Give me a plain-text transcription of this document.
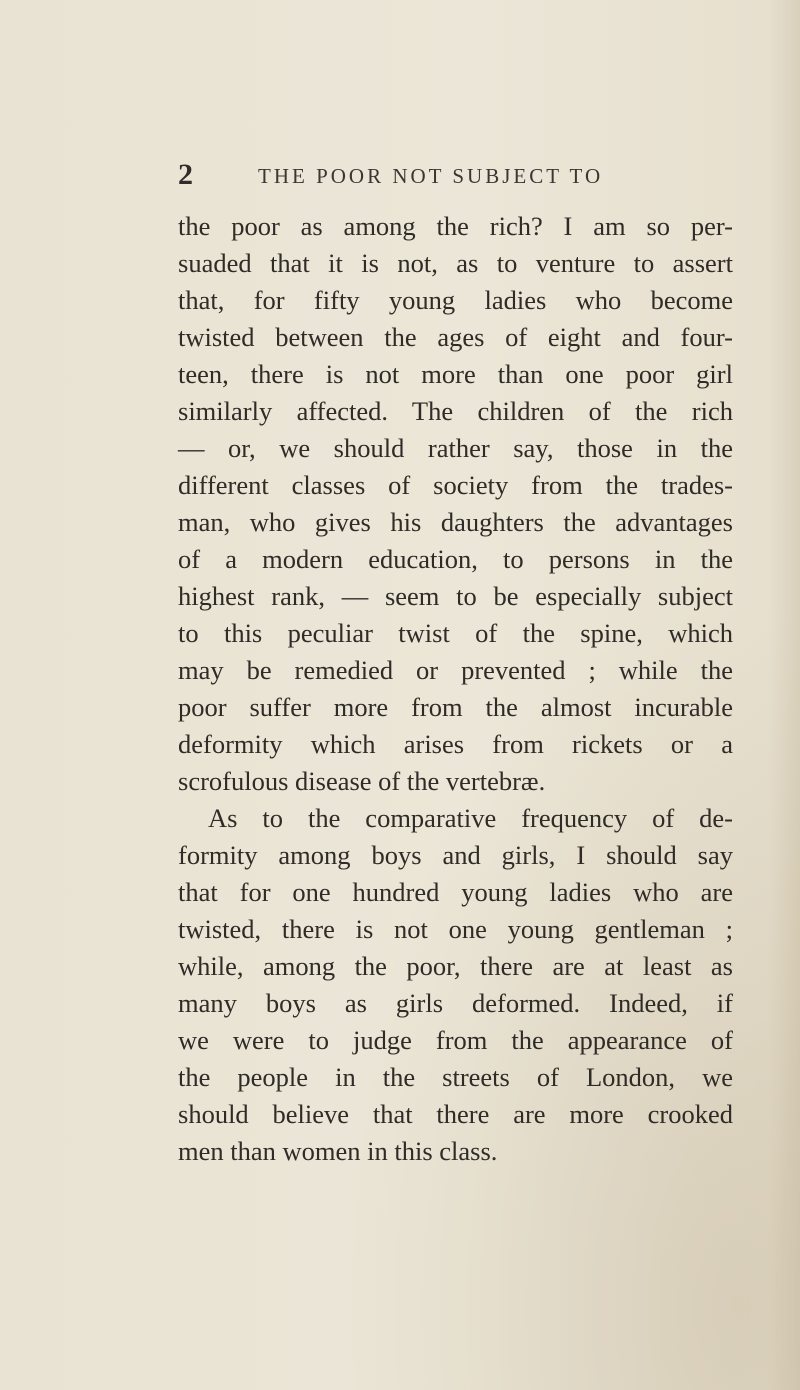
2	THE POOR NOT SUBJECT TO
the poor as among the rich? I am so per-
suaded that it is not, as to venture to assert
that, for fifty young ladies who become
twisted between the ages of eight and four-
teen, there is not more than one poor girl
similarly affected. The children of the rich
— or, we should rather say, those in the
different classes of society from the trades-
man, who gives his daughters the advantages
of a modern education, to persons in the
highest rank, — seem to be especially subject
to this peculiar twist of the spine, which
may be remedied or prevented ; while the
poor suffer more from the almost incurable
deformity which arises from rickets or a
scrofulous disease of the vertebræ.
As to the comparative frequency of de-
formity among boys and girls, I should say
that for one hundred young ladies who are
twisted, there is not one young gentleman ;
while, among the poor, there are at least as
many boys as girls deformed. Indeed, if
we were to judge from the appearance of
the people in the streets of London, we
should believe that there are more crooked
men than women in this class.
